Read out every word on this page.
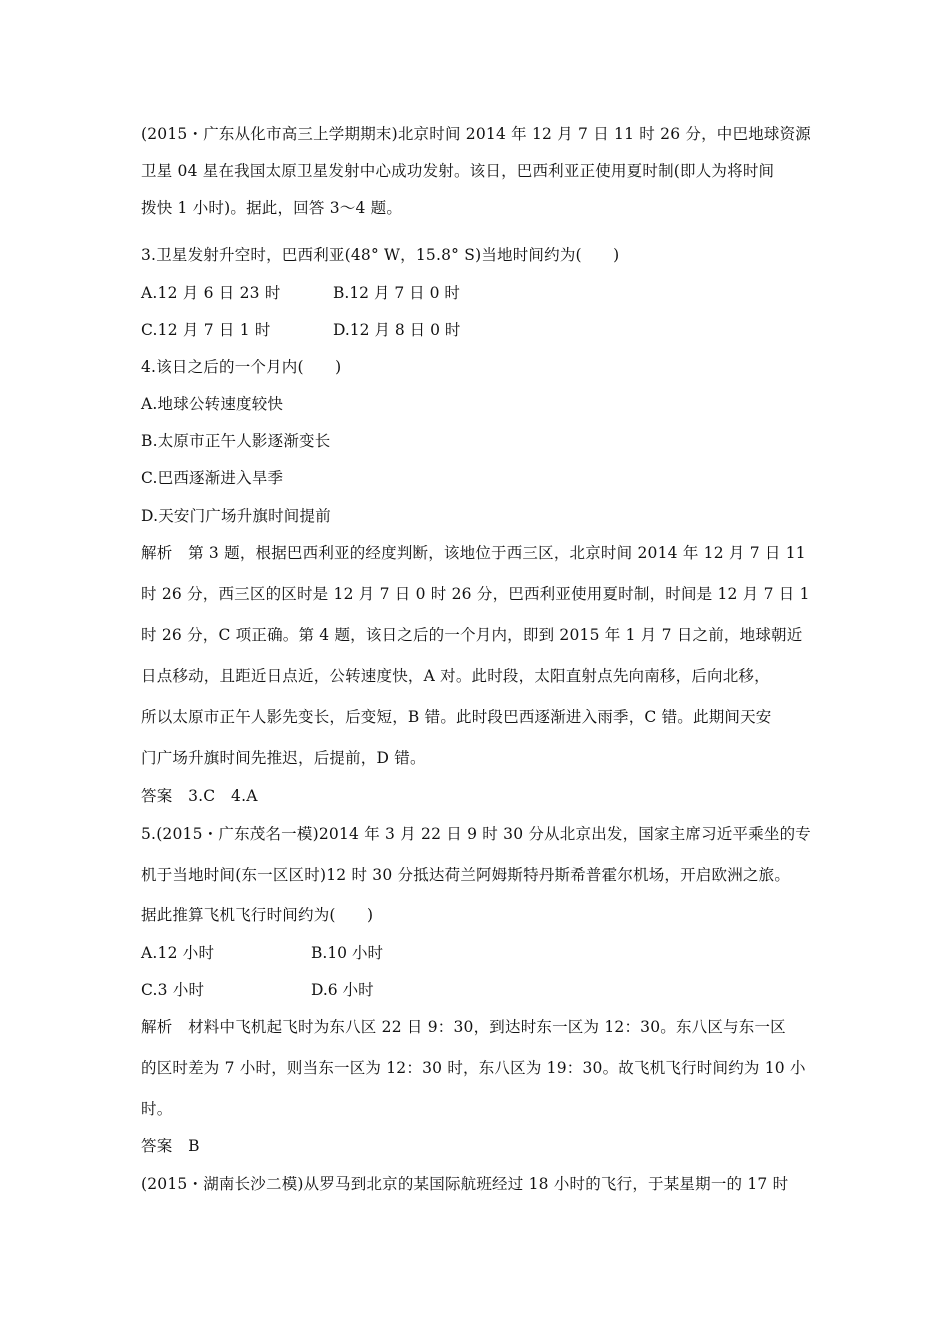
(2015・广东从化市高三上学期期末)北京时间 2014 年 12 月 7 日 11 时 26 分，中巴地球资源
卫星 04 星在我国太原卫星发射中心成功发射。该日，巴西利亚正使用夏时制(即人为将时间
拨快 1 小时)。据此，回答 3～4 题。
3.卫星发射升空时，巴西利亚(48° W，15.8° S)当地时间约为(　　)
A.12 月 6 日 23 时	B.12 月 7 日 0 时
C.12 月 7 日 1 时	D.12 月 8 日 0 时
4.该日之后的一个月内(　　)
A.地球公转速度较快
B.太原市正午人影逐渐变长
C.巴西逐渐进入旱季
D.天安门广场升旗时间提前
解析　第 3 题，根据巴西利亚的经度判断，该地位于西三区，北京时间 2014 年 12 月 7 日 11
时 26 分，西三区的区时是 12 月 7 日 0 时 26 分，巴西利亚使用夏时制，时间是 12 月 7 日 1
时 26 分，C 项正确。第 4 题，该日之后的一个月内，即到 2015 年 1 月 7 日之前，地球朝近
日点移动，且距近日点近，公转速度快，A 对。此时段，太阳直射点先向南移，后向北移，
所以太原市正午人影先变长，后变短，B 错。此时段巴西逐渐进入雨季，C 错。此期间天安
门广场升旗时间先推迟，后提前，D 错。
答案　3.C　4.A
5.(2015・广东茂名一模)2014 年 3 月 22 日 9 时 30 分从北京出发，国家主席习近平乘坐的专
机于当地时间(东一区区时)12 时 30 分抵达荷兰阿姆斯特丹斯希普霍尔机场，开启欧洲之旅。
据此推算飞机飞行时间约为(　　)
A.12 小时	B.10 小时
C.3 小时	D.6 小时
解析　材料中飞机起飞时为东八区 22 日 9：30，到达时东一区为 12：30。东八区与东一区
的区时差为 7 小时，则当东一区为 12：30 时，东八区为 19：30。故飞机飞行时间约为 10 小
时。
答案　B
(2015・湖南长沙二模)从罗马到北京的某国际航班经过 18 小时的飞行，于某星期一的 17 时
